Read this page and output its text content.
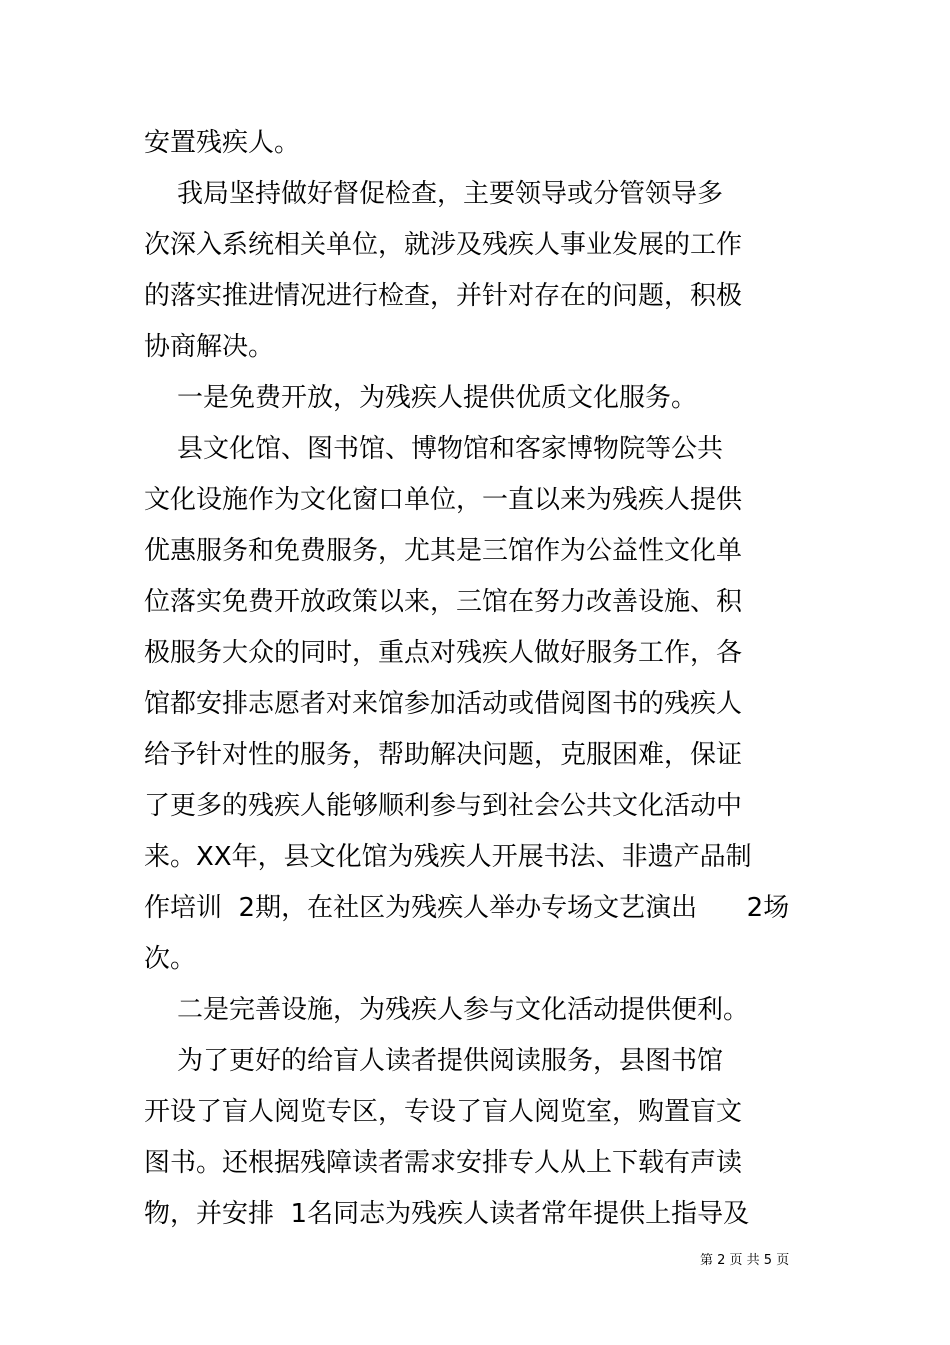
安置残疾人。
我局坚持做好督促检查，主要领导或分管领导多
次深入系统相关单位，就涉及残疾人事业发展的工作
的落实推进情况进行检查，并针对存在的问题，积极
协商解决。
一是免费开放，为残疾人提供优质文化服务。
县文化馆、图书馆、博物馆和客家博物院等公共
文化设施作为文化窗口单位，一直以来为残疾人提供
优惠服务和免费服务，尤其是三馆作为公益性文化单
位落实免费开放政策以来，三馆在努力改善设施、积
极服务大众的同时，重点对残疾人做好服务工作，各
馆都安排志愿者对来馆参加活动或借阅图书的残疾人
给予针对性的服务，帮助解决问题，克服困难，保证
了更多的残疾人能够顺利参与到社会公共文化活动中
来。XX年，县文化馆为残疾人开展书法、非遗产品制
作培训  2期，在社区为残疾人举办专场文艺演出      2场
次。
二是完善设施，为残疾人参与文化活动提供便利。
为了更好的给盲人读者提供阅读服务，县图书馆
开设了盲人阅览专区，专设了盲人阅览室，购置盲文
图书。还根据残障读者需求安排专人从上下载有声读
物，并安排  1名同志为残疾人读者常年提供上指导及
第 2 页 共 5 页
